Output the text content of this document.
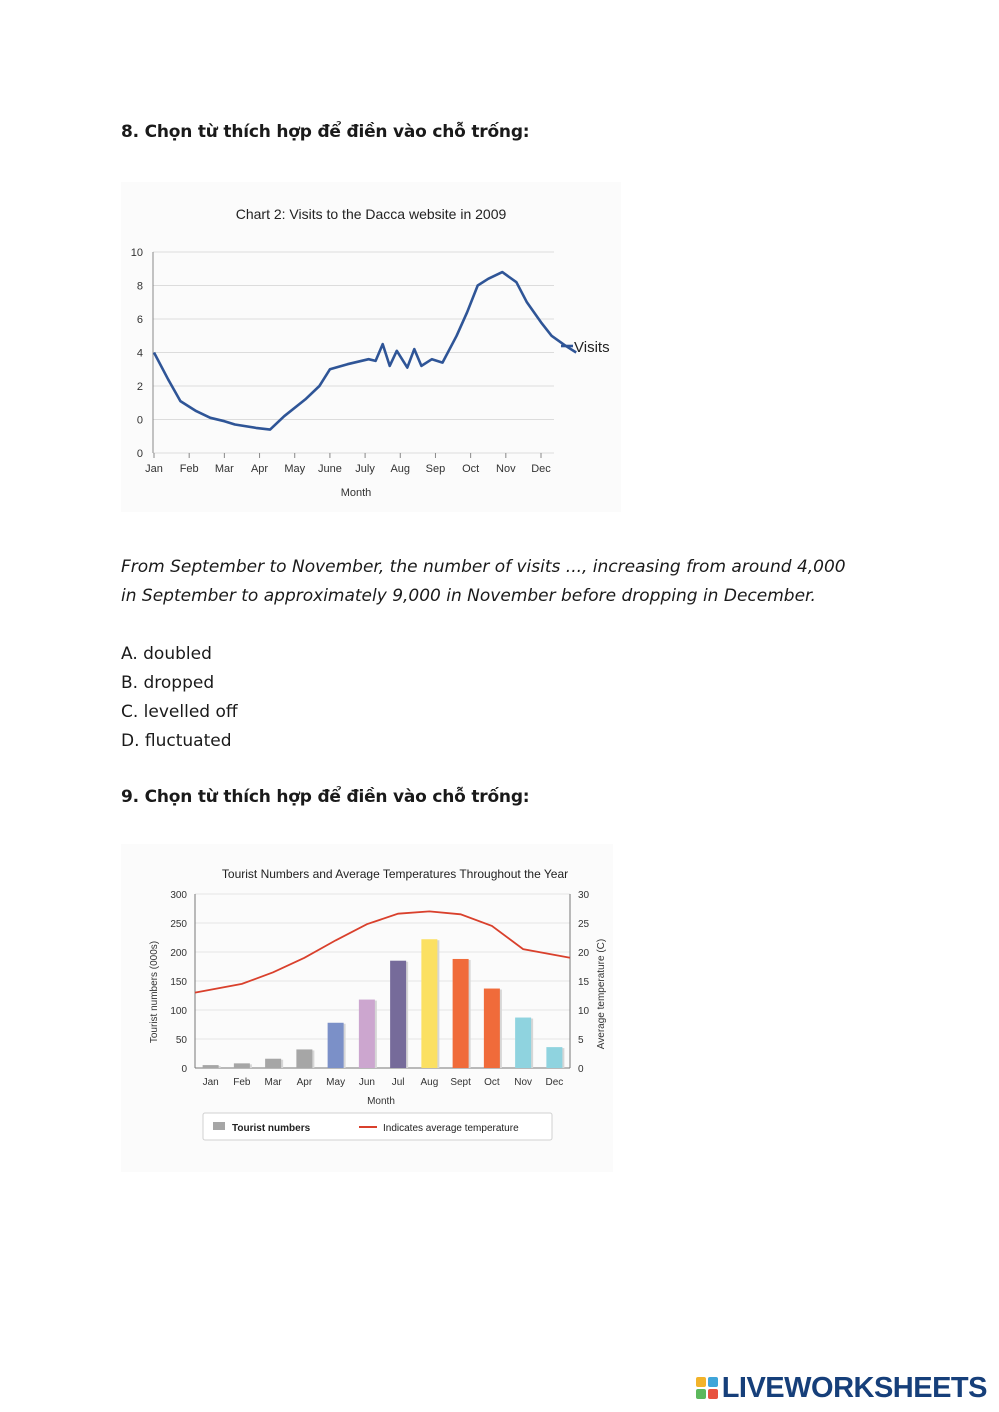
8. Chọn từ thích hợp để điền vào chỗ trống:
Chart 2: Visits to the Dacca website in 2009
0
0
2
4
6
8
10
Jan Feb Mar Apr May June July Aug Sep Oct Nov Dec
Month
Visits
From September to November, the number of visits ..., increasing from around 4,000 in September to approximately 9,000 in November before dropping in December.
A. doubled
B. dropped
C. levelled off
D. fluctuated
9. Chọn từ thích hợp để điền vào chỗ trống:
Tourist Numbers and Average Temperatures Throughout the Year
0
50
100
150
200
250
300
0
5
10
15
20
25
30
Tourist numbers (000s)	Average temperature (C)
Jan Feb Mar Apr May Jun Jul Aug Sept Oct Nov Dec
Month
Tourist numbers	Indicates average temperature
LIVEWORKSHEETS
